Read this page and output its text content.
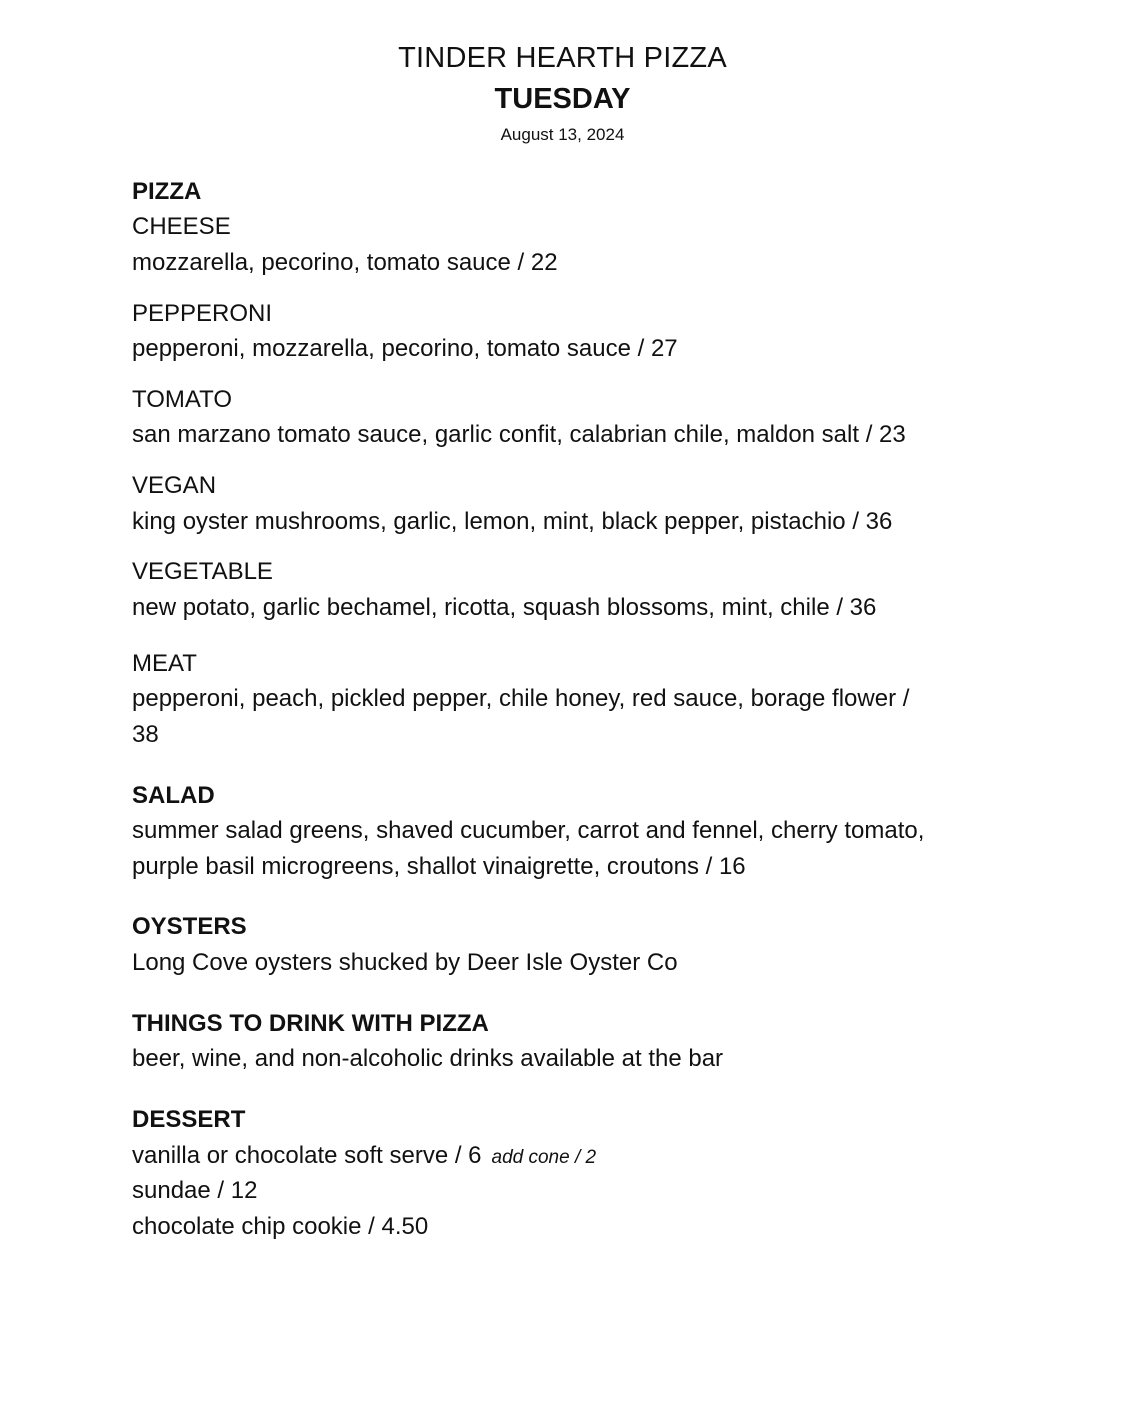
TINDER HEARTH PIZZA
TUESDAY
August 13, 2024
PIZZA
CHEESE
mozzarella, pecorino, tomato sauce / 22
PEPPERONI
pepperoni, mozzarella, pecorino, tomato sauce / 27
TOMATO
san marzano tomato sauce, garlic confit, calabrian chile, maldon salt / 23
VEGAN
king oyster mushrooms, garlic, lemon, mint, black pepper, pistachio / 36
VEGETABLE
new potato, garlic bechamel, ricotta, squash blossoms, mint, chile / 36
MEAT
pepperoni, peach, pickled pepper, chile honey, red sauce, borage flower /
38
SALAD
summer salad greens, shaved cucumber, carrot and fennel, cherry tomato,
purple basil microgreens, shallot vinaigrette, croutons / 16
OYSTERS
Long Cove oysters shucked by Deer Isle Oyster Co
THINGS TO DRINK WITH PIZZA
beer, wine, and non-alcoholic drinks available at the bar
DESSERT
vanilla or chocolate soft serve / 6 add cone / 2
sundae / 12
chocolate chip cookie / 4.50
